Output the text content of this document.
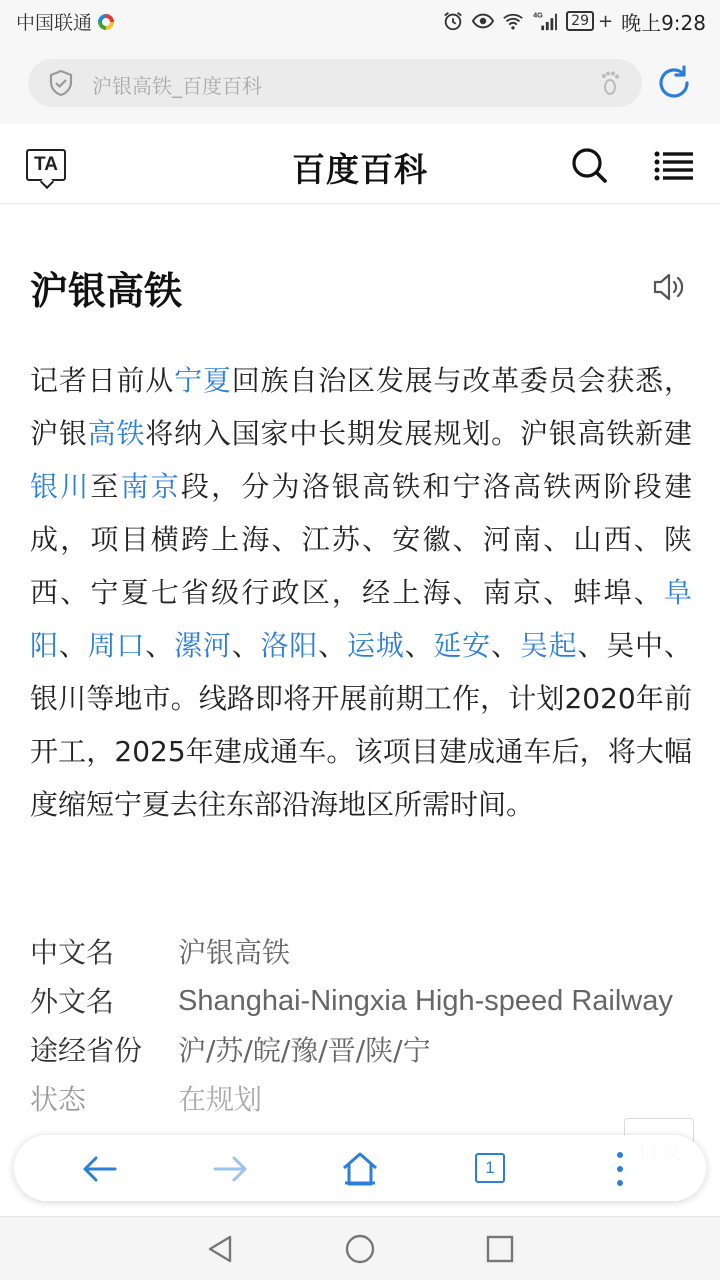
中国联通	4G	29 + 晚上9:28
沪银高铁_百度百科
TA	百度百科
沪银高铁
记者日前从宁夏回族自治区发展与改革委员会获悉，沪银高铁将纳入国家中长期发展规划。沪银高铁新建银川至南京段，分为洛银高铁和宁洛高铁两阶段建成，项目横跨上海、江苏、安徽、河南、山西、陕西、宁夏七省级行政区，经上海、南京、蚌埠、阜阳、周口、漯河、洛阳、运城、延安、吴起、吴中、银川等地市。线路即将开展前期工作，计划2020年前开工，2025年建成通车。该项目建成通车后，将大幅度缩短宁夏去往东部沿海地区所需时间。
中文名 沪银高铁
外文名 Shanghai-Ningxia High-speed Railway
途经省份 沪/苏/皖/豫/晋/陕/宁
状态	在规划
1
